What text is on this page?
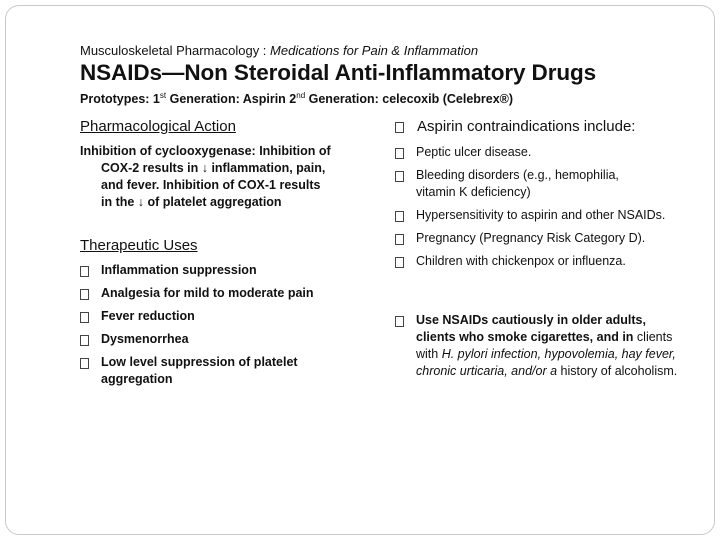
Musculoskeletal Pharmacology : Medications for Pain & Inflammation
NSAIDs—Non Steroidal Anti-Inflammatory Drugs
Prototypes: 1st Generation: Aspirin 2nd Generation: celecoxib (Celebrex®)
Pharmacological Action
Inhibition of cyclooxygenase: Inhibition of
COX-2 results in ↓ inflammation, pain,
and fever. Inhibition of COX-1 results
in the ↓ of platelet aggregation
Therapeutic Uses
Inflammation suppression
Analgesia for mild to moderate pain
Fever reduction
Dysmenorrhea
Low level suppression of platelet aggregation
Aspirin contraindications include:
Peptic ulcer disease.
Bleeding disorders (e.g., hemophilia, vitamin K deficiency)
Hypersensitivity to aspirin and other NSAIDs.
Pregnancy (Pregnancy Risk Category D).
Children with chickenpox or influenza.
Use NSAIDs cautiously in older adults, clients who smoke cigarettes, and in clients with H. pylori infection, hypovolemia, hay fever, chronic urticaria, and/or a history of alcoholism.
